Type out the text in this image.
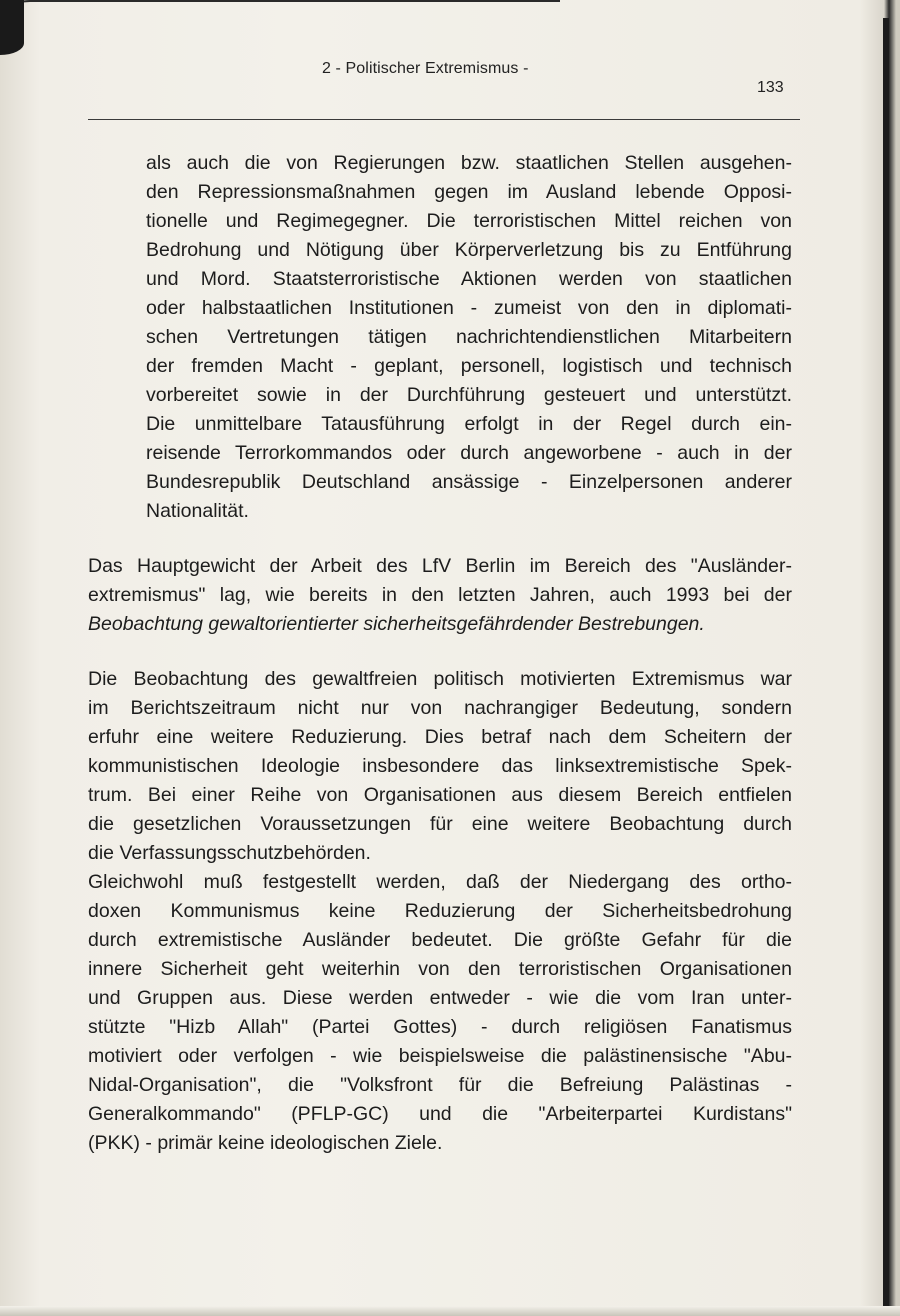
2 - Politischer Extremismus -
133
als auch die von Regierungen bzw. staatlichen Stellen ausgehen-
den Repressionsmaßnahmen gegen im Ausland lebende Opposi-
tionelle und Regimegegner. Die terroristischen Mittel reichen von
Bedrohung und Nötigung über Körperverletzung bis zu Entführung
und Mord. Staatsterroristische Aktionen werden von staatlichen
oder halbstaatlichen Institutionen - zumeist von den in diplomati-
schen Vertretungen tätigen nachrichtendienstlichen Mitarbeitern
der fremden Macht - geplant, personell, logistisch und technisch
vorbereitet sowie in der Durchführung gesteuert und unterstützt.
Die unmittelbare Tatausführung erfolgt in der Regel durch ein-
reisende Terrorkommandos oder durch angeworbene - auch in der
Bundesrepublik Deutschland ansässige - Einzelpersonen anderer
Nationalität.
Das Hauptgewicht der Arbeit des LfV Berlin im Bereich des "Ausländer-
extremismus" lag, wie bereits in den letzten Jahren, auch 1993 bei der
Beobachtung gewaltorientierter sicherheitsgefährdender Bestrebungen.
Die Beobachtung des gewaltfreien politisch motivierten Extremismus war
im Berichtszeitraum nicht nur von nachrangiger Bedeutung, sondern
erfuhr eine weitere Reduzierung. Dies betraf nach dem Scheitern der
kommunistischen Ideologie insbesondere das linksextremistische Spek-
trum. Bei einer Reihe von Organisationen aus diesem Bereich entfielen
die gesetzlichen Voraussetzungen für eine weitere Beobachtung durch
die Verfassungsschutzbehörden.
Gleichwohl muß festgestellt werden, daß der Niedergang des ortho-
doxen Kommunismus keine Reduzierung der Sicherheitsbedrohung
durch extremistische Ausländer bedeutet. Die größte Gefahr für die
innere Sicherheit geht weiterhin von den terroristischen Organisationen
und Gruppen aus. Diese werden entweder - wie die vom Iran unter-
stützte "Hizb Allah" (Partei Gottes) - durch religiösen Fanatismus
motiviert oder verfolgen - wie beispielsweise die palästinensische "Abu-
Nidal-Organisation", die "Volksfront für die Befreiung Palästinas -
Generalkommando" (PFLP-GC) und die "Arbeiterpartei Kurdistans"
(PKK) - primär keine ideologischen Ziele.
